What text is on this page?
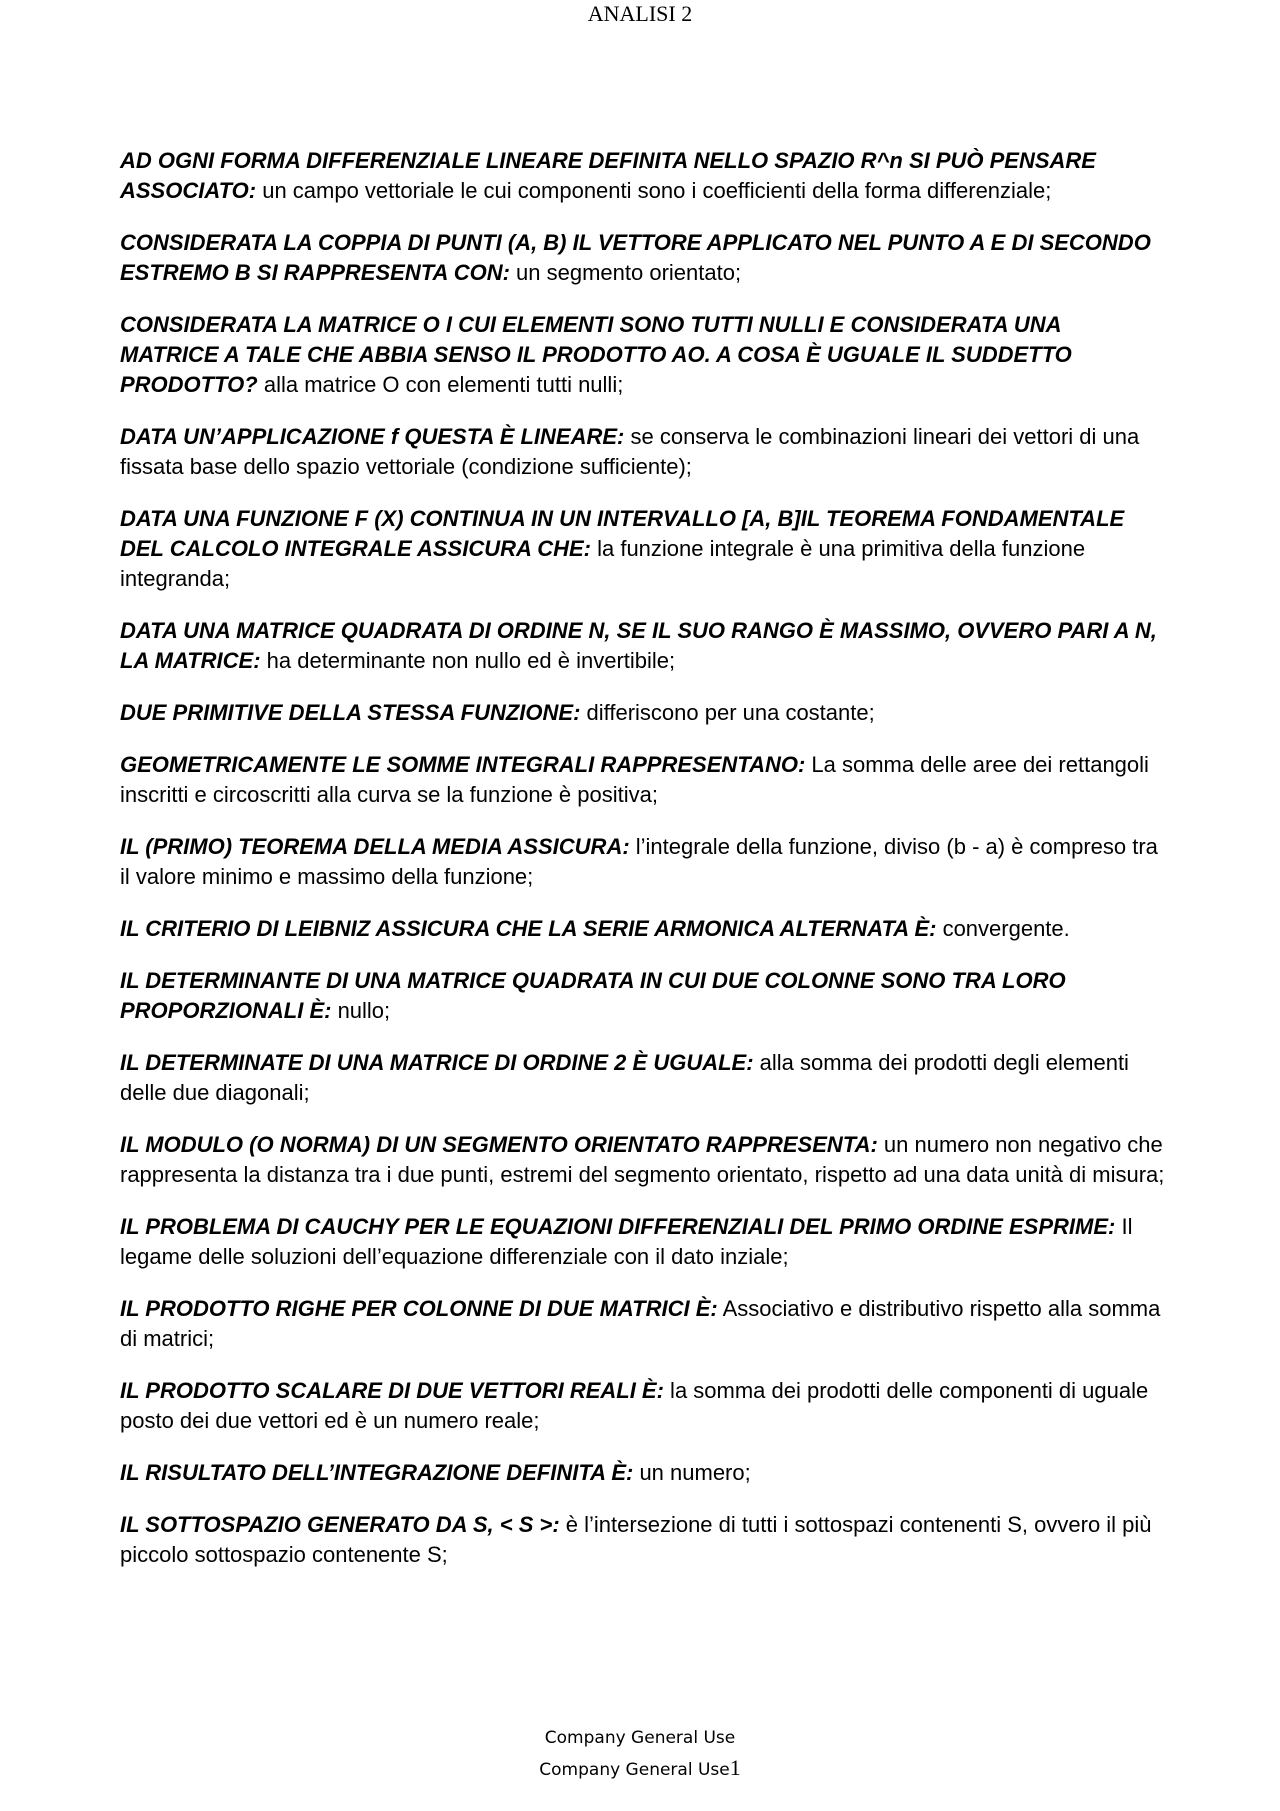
ANALISI 2

AD OGNI FORMA DIFFERENZIALE LINEARE DEFINITA NELLO SPAZIO R^n SI PUÒ PENSARE ASSOCIATO: un campo vettoriale le cui componenti sono i coefficienti della forma differenziale;

CONSIDERATA LA COPPIA DI PUNTI (A, B) IL VETTORE APPLICATO NEL PUNTO A E DI SECONDO ESTREMO B SI RAPPRESENTA CON: un segmento orientato;

CONSIDERATA LA MATRICE O I CUI ELEMENTI SONO TUTTI NULLI E CONSIDERATA UNA MATRICE A TALE CHE ABBIA SENSO IL PRODOTTO AO. A COSA È UGUALE IL SUDDETTO PRODOTTO? alla matrice O con elementi tutti nulli;

DATA UN’APPLICAZIONE f QUESTA È LINEARE: se conserva le combinazioni lineari dei vettori di una fissata base dello spazio vettoriale (condizione sufficiente);

DATA UNA FUNZIONE F (X) CONTINUA IN UN INTERVALLO [A, B]IL TEOREMA FONDAMENTALE DEL CALCOLO INTEGRALE ASSICURA CHE: la funzione integrale è una primitiva della funzione integranda;

DATA UNA MATRICE QUADRATA DI ORDINE N, SE IL SUO RANGO È MASSIMO, OVVERO PARI A N, LA MATRICE: ha determinante non nullo ed è invertibile;

DUE PRIMITIVE DELLA STESSA FUNZIONE: differiscono per una costante;

GEOMETRICAMENTE LE SOMME INTEGRALI RAPPRESENTANO: La somma delle aree dei rettangoli inscritti e circoscritti alla curva se la funzione è positiva;

IL (PRIMO) TEOREMA DELLA MEDIA ASSICURA: l’integrale della funzione, diviso (b - a) è compreso tra il valore minimo e massimo della funzione;

IL CRITERIO DI LEIBNIZ ASSICURA CHE LA SERIE ARMONICA ALTERNATA È: convergente.

IL DETERMINANTE DI UNA MATRICE QUADRATA IN CUI DUE COLONNE SONO TRA LORO PROPORZIONALI È: nullo;

IL DETERMINATE DI UNA MATRICE DI ORDINE 2 È UGUALE: alla somma dei prodotti degli elementi delle due diagonali;

IL MODULO (O NORMA) DI UN SEGMENTO ORIENTATO RAPPRESENTA: un numero non negativo che rappresenta la distanza tra i due punti, estremi del segmento orientato, rispetto ad una data unità di misura;

IL PROBLEMA DI CAUCHY PER LE EQUAZIONI DIFFERENZIALI DEL PRIMO ORDINE ESPRIME: Il legame delle soluzioni dell’equazione differenziale con il dato inziale;

IL PRODOTTO RIGHE PER COLONNE DI DUE MATRICI È: Associativo e distributivo rispetto alla somma di matrici;

IL PRODOTTO SCALARE DI DUE VETTORI REALI È: la somma dei prodotti delle componenti di uguale posto dei due vettori ed è un numero reale;

IL RISULTATO DELL’INTEGRAZIONE DEFINITA È: un numero;

IL SOTTOSPAZIO GENERATO DA S, < S >: è l’intersezione di tutti i sottospazi contenenti S, ovvero il più piccolo sottospazio contenente S;

Company General Use
Company General Use1
